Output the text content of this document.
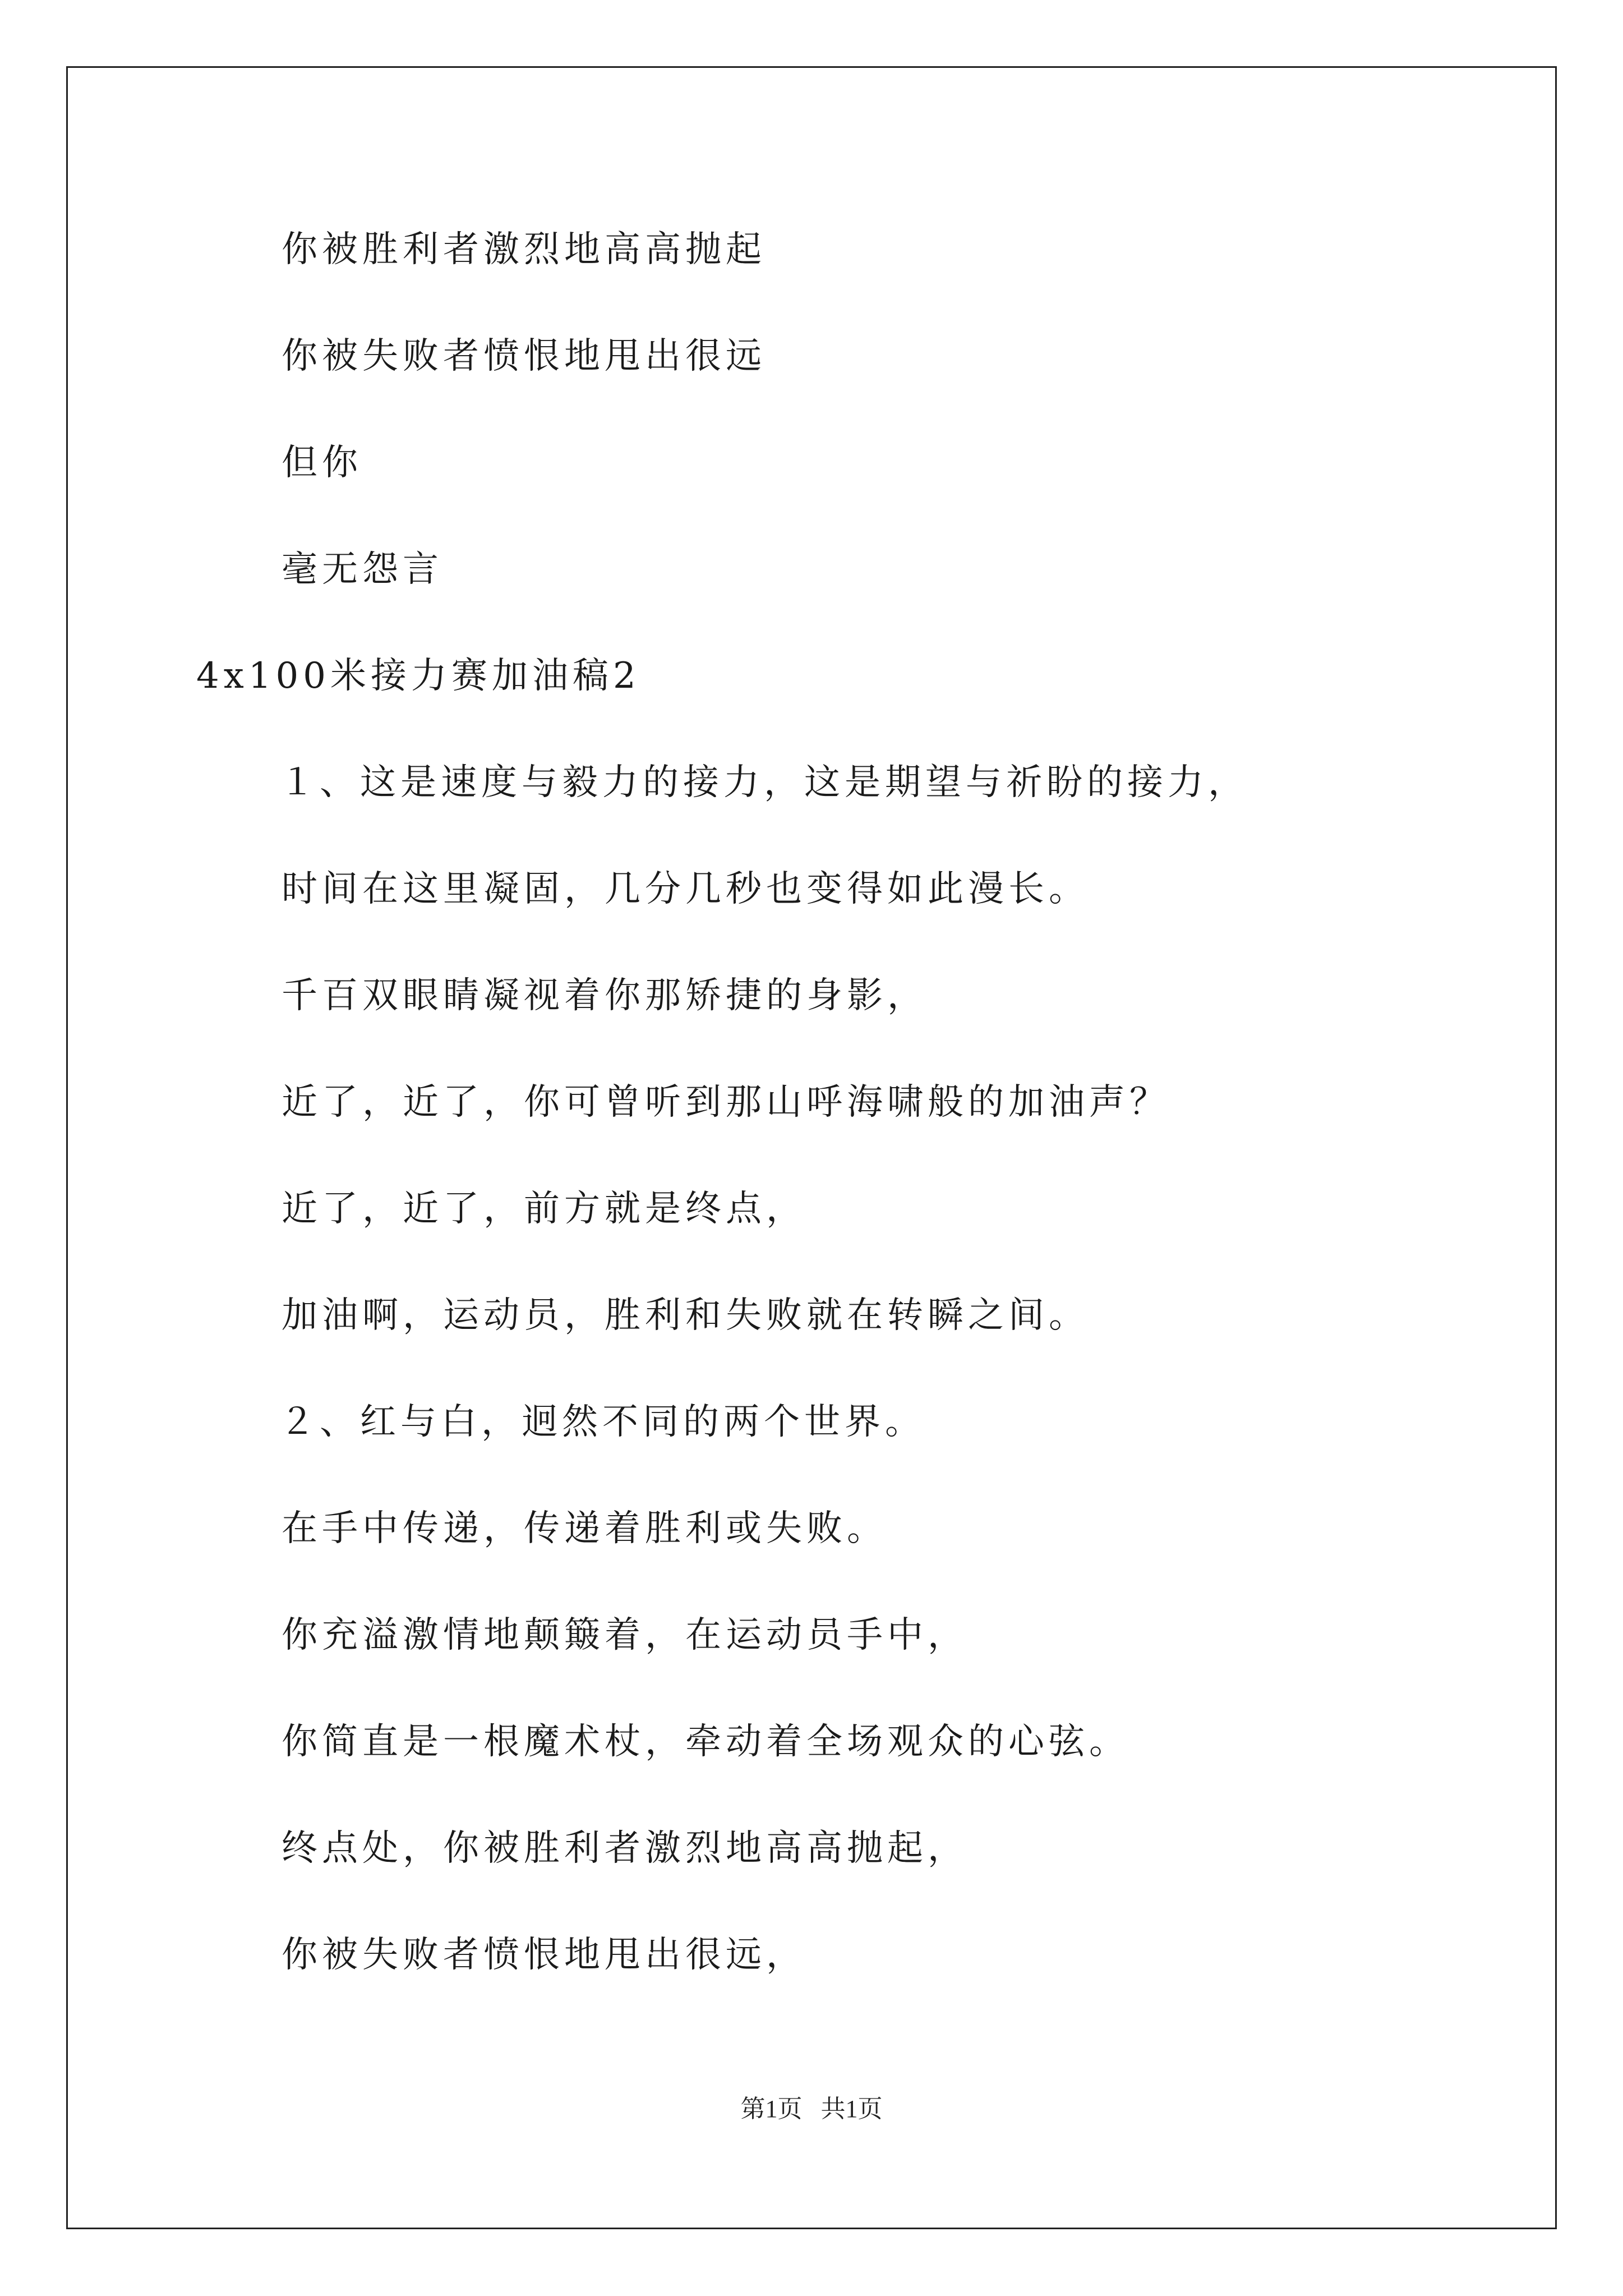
你被胜利者激烈地高高抛起
你被失败者愤恨地甩出很远
但你
毫无怨言
4x100米接力赛加油稿2
１、这是速度与毅力的接力，这是期望与祈盼的接力，
时间在这里凝固，几分几秒也变得如此漫长。
千百双眼睛凝视着你那矫捷的身影，
近了，近了，你可曾听到那山呼海啸般的加油声？
近了，近了，前方就是终点，
加油啊，运动员，胜利和失败就在转瞬之间。
２、红与白，迥然不同的两个世界。
在手中传递，传递着胜利或失败。
你充溢激情地颠簸着，在运动员手中，
你简直是一根魔术杖，牵动着全场观众的心弦。
终点处，你被胜利者激烈地高高抛起，
你被失败者愤恨地甩出很远，
第1页   共1页
